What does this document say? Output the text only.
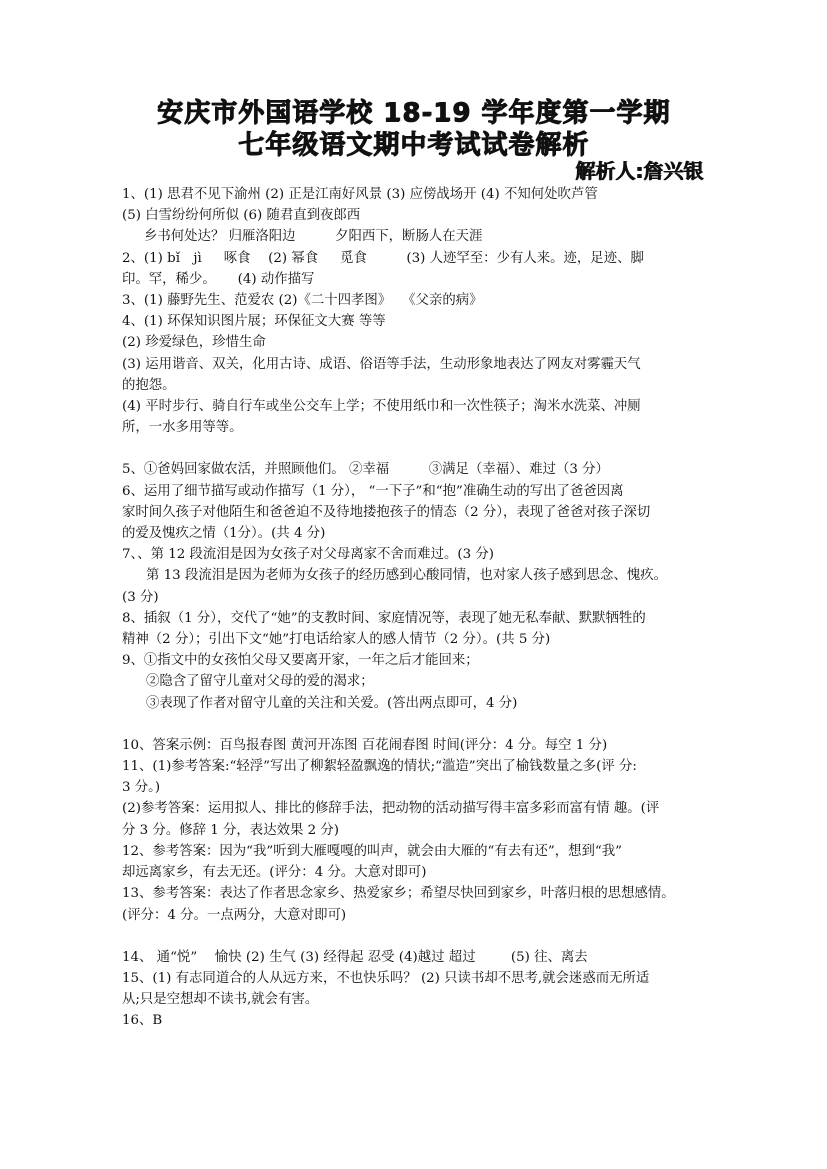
安庆市外国语学校 18-19 学年度第一学期
七年级语文期中考试试卷解析
解析人:詹兴银
1、(1) 思君不见下渝州 (2) 正是江南好风景 (3) 应傍战场开 (4) 不知何处吹芦管
(5) 白雪纷纷何所似 (6) 随君直到夜郎西
乡书何处达？ 归雁洛阳边 　 　 夕阳西下，断肠人在天涯
2、(1) bǐ　jì 　 啄食 　(2) 幂食 　 觅食 　 　 (3) 人迹罕至：少有人来。迹，足迹、脚
印。罕，稀少。 　 (4) 动作描写
3、(1) 藤野先生、范爱农 (2)《二十四孝图》 　《父亲的病》
4、(1) 环保知识图片展；环保征文大赛 等等
(2) 珍爱绿色，珍惜生命
(3) 运用谐音、双关，化用古诗、成语、俗语等手法，生动形象地表达了网友对雾霾天气
的抱怨。
(4) 平时步行、骑自行车或坐公交车上学；不使用纸巾和一次性筷子；淘米水洗菜、冲厕
所，一水多用等等。
5、①爸妈回家做农活，并照顾他们。 ②幸福 　 　 ③满足（幸福）、难过（3 分）
6、运用了细节描写或动作描写（1 分）， “一下子”和“抱”准确生动的写出了爸爸因离
家时间久孩子对他陌生和爸爸迫不及待地搂抱孩子的情态（2 分），表现了爸爸对孩子深切
的爱及愧疚之情（1分）。(共 4 分)
7、、第 12 段流泪是因为女孩子对父母离家不舍而难过。(3 分)
第 13 段流泪是因为老师为女孩子的经历感到心酸同情，也对家人孩子感到思念、愧疚。
(3 分)
8、插叙（1 分），交代了“她”的支教时间、家庭情况等，表现了她无私奉献、默默牺牲的
精神（2 分）；引出下文“她”打电话给家人的感人情节（2 分）。(共 5 分)
9、①指文中的女孩怕父母又要离开家，一年之后才能回来；
②隐含了留守儿童对父母的爱的渴求；
③表现了作者对留守儿童的关注和关爱。(答出两点即可，4 分)
10、答案示例：百鸟报春图 黄河开冻图 百花闹春图 时间(评分：4 分。每空 1 分)
11、(1)参考答案:“轻浮”写出了柳絮轻盈飘逸的情状;“滥造”突出了榆钱数量之多(评 分:
3 分。)
(2)参考答案：运用拟人、排比的修辞手法，把动物的活动描写得丰富多彩而富有情 趣。(评
分 3 分。修辞 1 分，表达效果 2 分)
12、参考答案：因为“我”听到大雁嘎嘎的叫声，就会由大雁的“有去有还”，想到“我”
却远离家乡，有去无还。(评分：4 分。大意对即可)
13、参考答案：表达了作者思念家乡、热爱家乡；希望尽快回到家乡，叶落归根的思想感情。
(评分：4 分。一点两分，大意对即可)
14、 通“悦” 　愉快 (2) 生气 (3) 经得起 忍受 (4)越过 超过 　 　(5) 往、离去
15、(1) 有志同道合的人从远方来，不也快乐吗？ (2) 只读书却不思考,就会迷惑而无所适
从;只是空想却不读书,就会有害。
16、B
